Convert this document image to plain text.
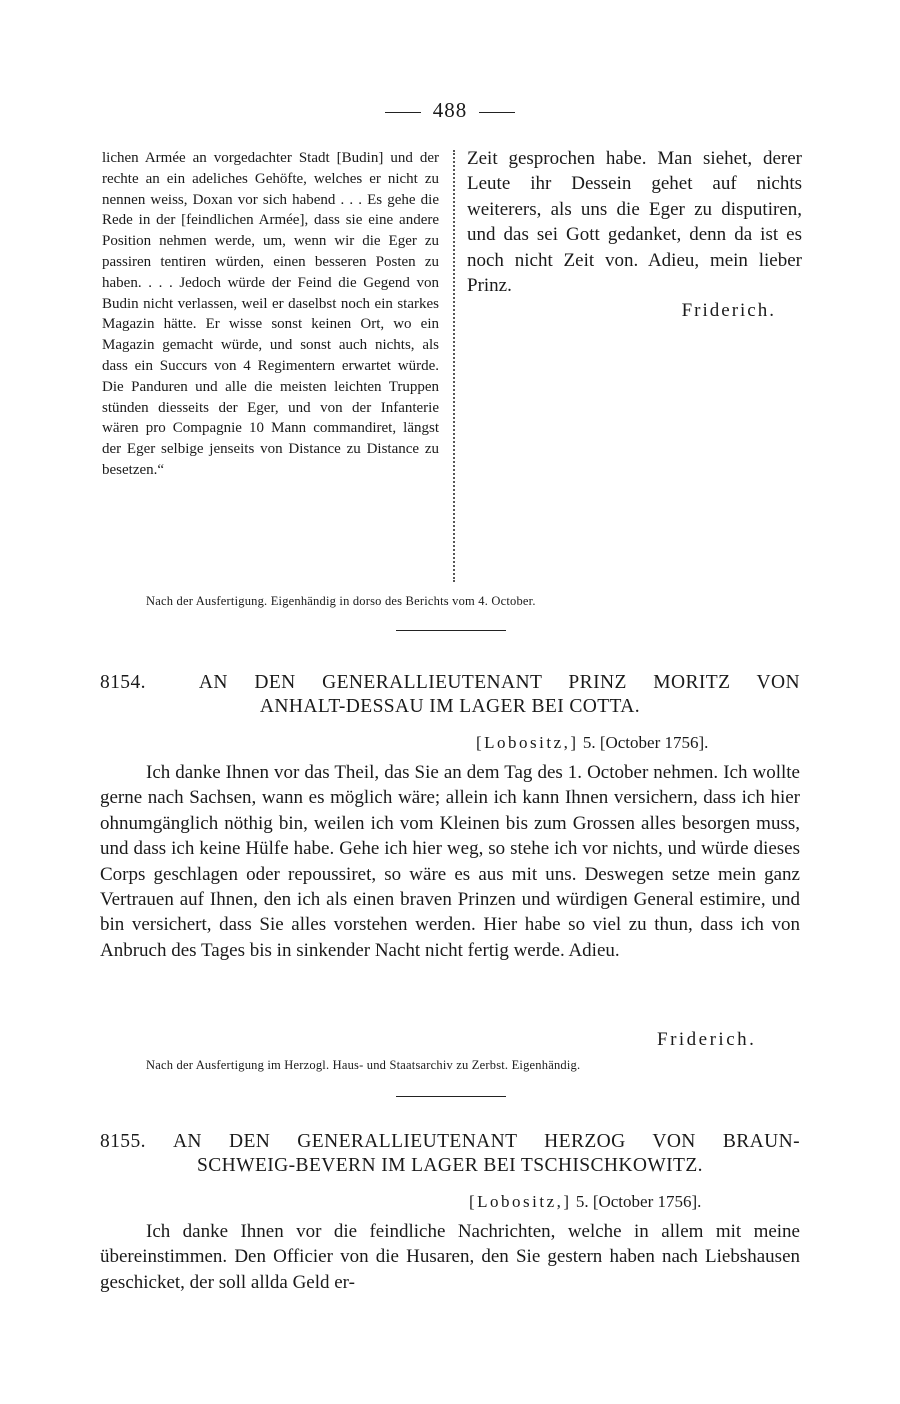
488

lichen Armée an vorgedachter Stadt [Budin] und der rechte an ein adeliches Gehöfte, welches er nicht zu nennen weiss, Doxan vor sich habend . . . Es gehe die Rede in der [feindlichen Armée], dass sie eine andere Position nehmen werde, um, wenn wir die Eger zu passiren tentiren würden, einen besseren Posten zu haben. . . . Jedoch würde der Feind die Gegend von Budin nicht verlassen, weil er daselbst noch ein starkes Magazin hätte. Er wisse sonst keinen Ort, wo ein Magazin gemacht würde, und sonst auch nichts, als dass ein Succurs von 4 Regimentern erwartet würde. Die Panduren und alle die meisten leichten Truppen stünden diesseits der Eger, und von der Infanterie wären pro Compagnie 10 Mann commandiret, längst der Eger selbige jenseits von Distance zu Distance zu besetzen.“

Zeit gesprochen habe. Man siehet, derer Leute ihr Dessein gehet auf nichts weiterers, als uns die Eger zu disputiren, und das sei Gott gedanket, denn da ist es noch nicht Zeit von. Adieu, mein lieber Prinz.

Friderich.

Nach der Ausfertigung. Eigenhändig in dorso des Berichts vom 4. October.
8154.	AN DEN GENERALLIEUTENANT PRINZ MORITZ VON
ANHALT-DESSAU IM LAGER BEI COTTA.
[Lobositz,] 5. [October 1756].

Ich danke Ihnen vor das Theil, das Sie an dem Tag des 1. October nehmen. Ich wollte gerne nach Sachsen, wann es möglich wäre; allein ich kann Ihnen versichern, dass ich hier ohnumgänglich nöthig bin, weilen ich vom Kleinen bis zum Grossen alles besorgen muss, und dass ich keine Hülfe habe. Gehe ich hier weg, so stehe ich vor nichts, und würde dieses Corps geschlagen oder repoussiret, so wäre es aus mit uns. Deswegen setze mein ganz Vertrauen auf Ihnen, den ich als einen braven Prinzen und würdigen General estimire, und bin versichert, dass Sie alles vorstehen werden. Hier habe so viel zu thun, dass ich von Anbruch des Tages bis in sinkender Nacht nicht fertig werde. Adieu.

Friderich.
Nach der Ausfertigung im Herzogl. Haus- und Staatsarchiv zu Zerbst. Eigenhändig.
8155. AN DEN GENERALLIEUTENANT HERZOG VON BRAUN-
SCHWEIG-BEVERN IM LAGER BEI TSCHISCHKOWITZ.
[Lobositz,] 5. [October 1756].

Ich danke Ihnen vor die feindliche Nachrichten, welche in allem mit meine übereinstimmen. Den Officier von die Husaren, den Sie gestern haben nach Liebshausen geschicket, der soll allda Geld er-
